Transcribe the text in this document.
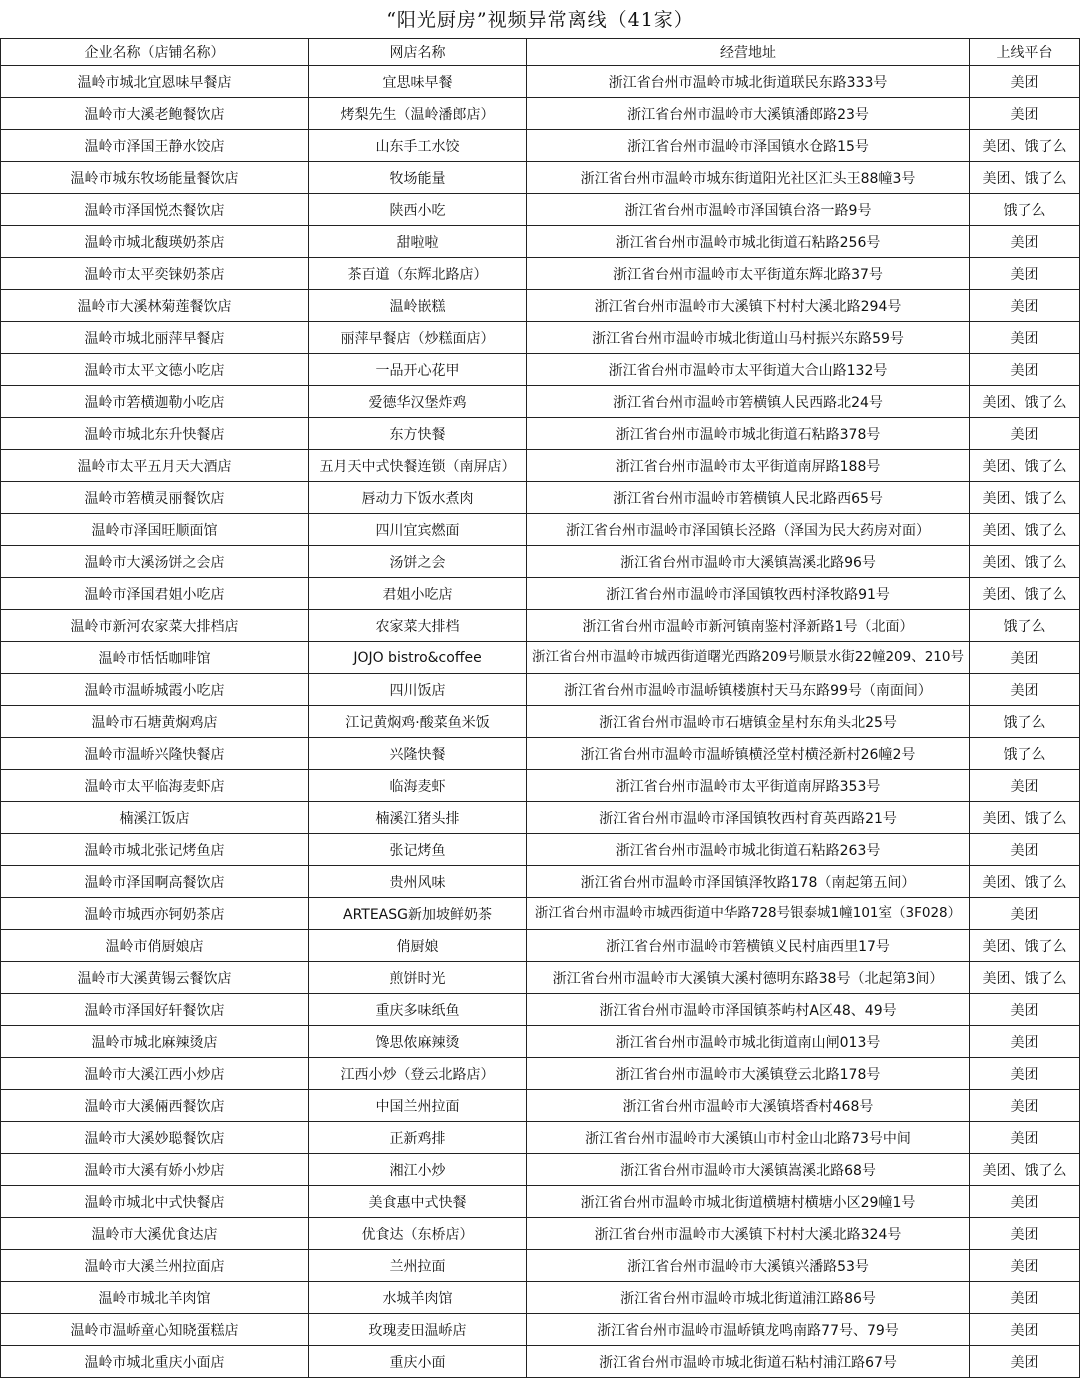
“阳光厨房”视频异常离线（41家）
企业名称（店铺名称）	网店名称	经营地址	上线平台
温岭市城北宜恩味早餐店	宜思味早餐	浙江省台州市温岭市城北街道联民东路333号	美团
温岭市大溪老鲍餐饮店	烤梨先生（温岭潘郎店）	浙江省台州市温岭市大溪镇潘郎路23号	美团
温岭市泽国王静水饺店	山东手工水饺	浙江省台州市温岭市泽国镇水仓路15号	美团、饿了么
温岭市城东牧场能量餐饮店	牧场能量	浙江省台州市温岭市城东街道阳光社区汇头王88幢3号	美团、饿了么
温岭市泽国悦杰餐饮店	陕西小吃	浙江省台州市温岭市泽国镇台洛一路9号	饿了么
温岭市城北馥瑛奶茶店	甜啦啦	浙江省台州市温岭市城北街道石粘路256号	美团
温岭市太平奕铼奶茶店	茶百道（东辉北路店）	浙江省台州市温岭市太平街道东辉北路37号	美团
温岭市大溪林菊莲餐饮店	温岭嵌糕	浙江省台州市温岭市大溪镇下村村大溪北路294号	美团
温岭市城北丽萍早餐店	丽萍早餐店（炒糕面店）	浙江省台州市温岭市城北街道山马村振兴东路59号	美团
温岭市太平文德小吃店	一品开心花甲	浙江省台州市温岭市太平街道大合山路132号	美团
温岭市箬横迦勒小吃店	爱德华汉堡炸鸡	浙江省台州市温岭市箬横镇人民西路北24号	美团、饿了么
温岭市城北东升快餐店	东方快餐	浙江省台州市温岭市城北街道石粘路378号	美团
温岭市太平五月天大酒店	五月天中式快餐连锁（南屏店）	浙江省台州市温岭市太平街道南屏路188号	美团、饿了么
温岭市箬横灵丽餐饮店	唇动力下饭水煮肉	浙江省台州市温岭市箬横镇人民北路西65号	美团、饿了么
温岭市泽国旺顺面馆	四川宜宾燃面	浙江省台州市温岭市泽国镇长泾路（泽国为民大药房对面）	美团、饿了么
温岭市大溪汤饼之会店	汤饼之会	浙江省台州市温岭市大溪镇嵩溪北路96号	美团、饿了么
温岭市泽国君姐小吃店	君姐小吃店	浙江省台州市温岭市泽国镇牧西村泽牧路91号	美团、饿了么
温岭市新河农家菜大排档店	农家菜大排档	浙江省台州市温岭市新河镇南鉴村泽新路1号（北面）	饿了么
温岭市恬恬咖啡馆	JOJO bistro&coffee	浙江省台州市温岭市城西街道曙光西路209号顺景水街22幢209、210号	美团
温岭市温峤城霞小吃店	四川饭店	浙江省台州市温岭市温峤镇楼旗村天马东路99号（南面间）	美团
温岭市石塘黄焖鸡店	江记黄焖鸡·酸菜鱼米饭	浙江省台州市温岭市石塘镇金星村东角头北25号	饿了么
温岭市温峤兴隆快餐店	兴隆快餐	浙江省台州市温岭市温峤镇横泾堂村横泾新村26幢2号	饿了么
温岭市太平临海麦虾店	临海麦虾	浙江省台州市温岭市太平街道南屏路353号	美团
楠溪江饭店	楠溪江猪头排	浙江省台州市温岭市泽国镇牧西村育英西路21号	美团、饿了么
温岭市城北张记烤鱼店	张记烤鱼	浙江省台州市温岭市城北街道石粘路263号	美团
温岭市泽国啊高餐饮店	贵州风味	浙江省台州市温岭市泽国镇泽牧路178（南起第五间）	美团、饿了么
温岭市城西亦钶奶茶店	ARTEASG新加坡鲜奶茶	浙江省台州市温岭市城西街道中华路728号银泰城1幢101室（3F028）	美团
温岭市俏厨娘店	俏厨娘	浙江省台州市温岭市箬横镇义民村庙西里17号	美团、饿了么
温岭市大溪黄锡云餐饮店	煎饼时光	浙江省台州市温岭市大溪镇大溪村德明东路38号（北起第3间）	美团、饿了么
温岭市泽国好轩餐饮店	重庆多味纸鱼	浙江省台州市温岭市泽国镇茶屿村A区48、49号	美团
温岭市城北麻辣烫店	馋思侬麻辣烫	浙江省台州市温岭市城北街道南山闸013号	美团
温岭市大溪江西小炒店	江西小炒（登云北路店）	浙江省台州市温岭市大溪镇登云北路178号	美团
温岭市大溪倆西餐饮店	中国兰州拉面	浙江省台州市温岭市大溪镇塔香村468号	美团
温岭市大溪妙聪餐饮店	正新鸡排	浙江省台州市温岭市大溪镇山市村金山北路73号中间	美团
温岭市大溪有娇小炒店	湘江小炒	浙江省台州市温岭市大溪镇嵩溪北路68号	美团、饿了么
温岭市城北中式快餐店	美食惠中式快餐	浙江省台州市温岭市城北街道横塘村横塘小区29幢1号	美团
温岭市大溪优食达店	优食达（东桥店）	浙江省台州市温岭市大溪镇下村村大溪北路324号	美团
温岭市大溪兰州拉面店	兰州拉面	浙江省台州市温岭市大溪镇兴潘路53号	美团
温岭市城北羊肉馆	水城羊肉馆	浙江省台州市温岭市城北街道浦江路86号	美团
温岭市温峤童心知晓蛋糕店	玫瑰麦田温峤店	浙江省台州市温岭市温峤镇龙鸣南路77号、79号	美团
温岭市城北重庆小面店	重庆小面	浙江省台州市温岭市城北街道石粘村浦江路67号	美团
